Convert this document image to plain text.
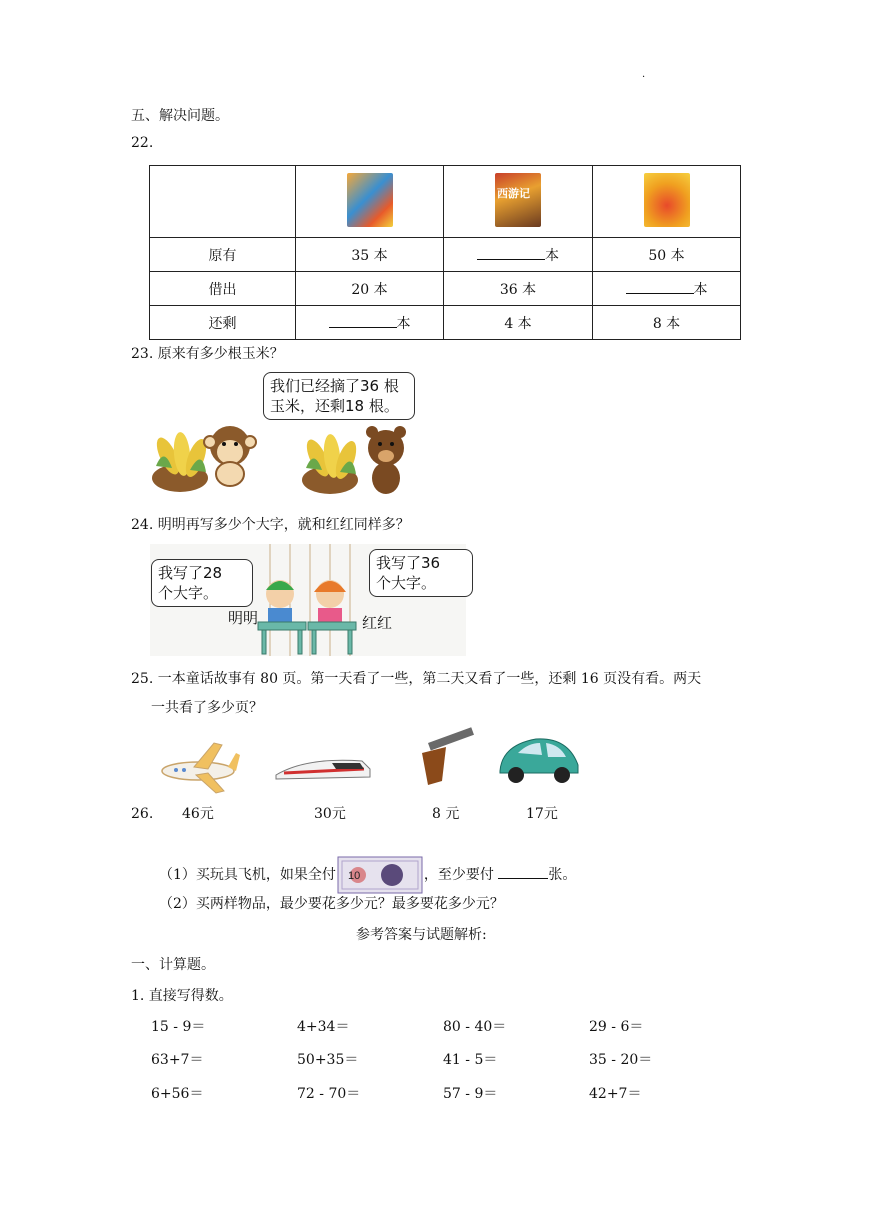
·
五、解决问题。
22.

		西游记	

原有	35 本	本	50 本
借出	20 本	36 本	本
还剩	本	4 本	8 本
23. 原来有多少根玉米？
我们已经摘了36 根
玉米，还剩18 根。
24. 明明再写多少个大字，就和红红同样多？
我写了28
个大字。
我写了36
个大字。
明明	红红
25. 一本童话故事有 80 页。第一天看了一些，第二天又看了一些，还剩 16 页没有看。两天
一共看了多少页？
26. 46元	30元	8 元	17元
（1）买玩具飞机，如果全付 10	，至少要付	张。
（2）买两样物品，最少要花多少元？最多要花多少元？
参考答案与试题解析:
一、计算题。
1. 直接写得数。
15 - 9＝	4+34＝	80 - 40＝	29 - 6＝
63+7＝	50+35＝	41 - 5＝	35 - 20＝
6+56＝	72 - 70＝	57 - 9＝	42+7＝
